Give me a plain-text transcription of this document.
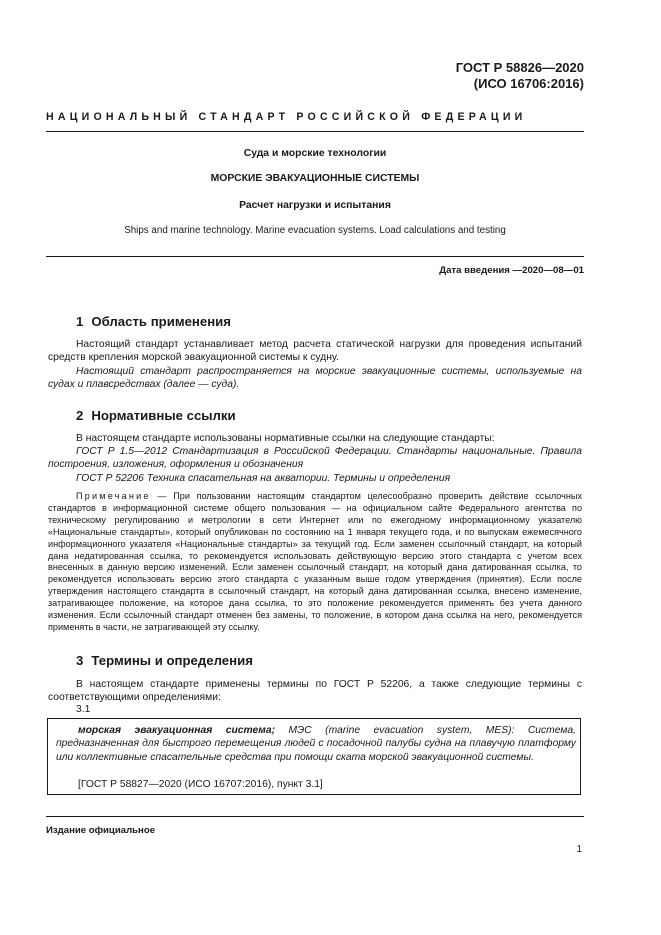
ГОСТ Р 58826—2020
(ИСО 16706:2016)
НАЦИОНАЛЬНЫЙ СТАНДАРТ РОССИЙСКОЙ ФЕДЕРАЦИИ
Суда и морские технологии
МОРСКИЕ ЭВАКУАЦИОННЫЕ СИСТЕМЫ
Расчет нагрузки и испытания
Ships and marine technology. Marine evacuation systems. Load calculations and testing
Дата введения —2020—08—01
1 Область применения
Настоящий стандарт устанавливает метод расчета статической нагрузки для проведения испытаний средств крепления морской эвакуационной системы к судну.
Настоящий стандарт распространяется на морские эвакуационные системы, используемые на судах и плавсредствах (далее — суда).
2 Нормативные ссылки
В настоящем стандарте использованы нормативные ссылки на следующие стандарты:
ГОСТ Р 1.5—2012 Стандартизация в Российской Федерации. Стандарты национальные. Правила построения, изложения, оформления и обозначения
ГОСТ Р 52206 Техника спасательная на акватории. Термины и определения
Примечание — При пользовании настоящим стандартом целесообразно проверить действие ссылочных стандартов в информационной системе общего пользования — на официальном сайте Федерального агентства по техническому регулированию и метрологии в сети Интернет или по ежегодному информационному указателю «Национальные стандарты», который опубликован по состоянию на 1 января текущего года, и по выпускам ежемесячного информационного указателя «Национальные стандарты» за текущий год. Если заменен ссылочный стандарт, на который дана недатированная ссылка, то рекомендуется использовать действующую версию этого стандарта с учетом всех внесенных в данную версию изменений. Если заменен ссылочный стандарт, на который дана датированная ссылка, то рекомендуется использовать версию этого стандарта с указанным выше годом утверждения (принятия). Если после утверждения настоящего стандарта в ссылочный стандарт, на который дана датированная ссылка, внесено изменение, затрагивающее положение, на которое дана ссылка, то это положение рекомендуется применять без учета данного изменения. Если ссылочный стандарт отменен без замены, то положение, в котором дана ссылка на него, рекомендуется применять в части, не затрагивающей эту ссылку.
3 Термины и определения
В настоящем стандарте применены термины по ГОСТ Р 52206, а также следующие термины с соответствующими определениями:
3.1
морская эвакуационная система; МЭС (marine evacuation system, MES): Система, предназначенная для быстрого перемещения людей с посадочной палубы судна на плавучую платформу или коллективные спасательные средства при помощи ската морской эвакуационной системы.
[ГОСТ Р 58827—2020 (ИСО 16707:2016), пункт 3.1]
Издание официальное
1
